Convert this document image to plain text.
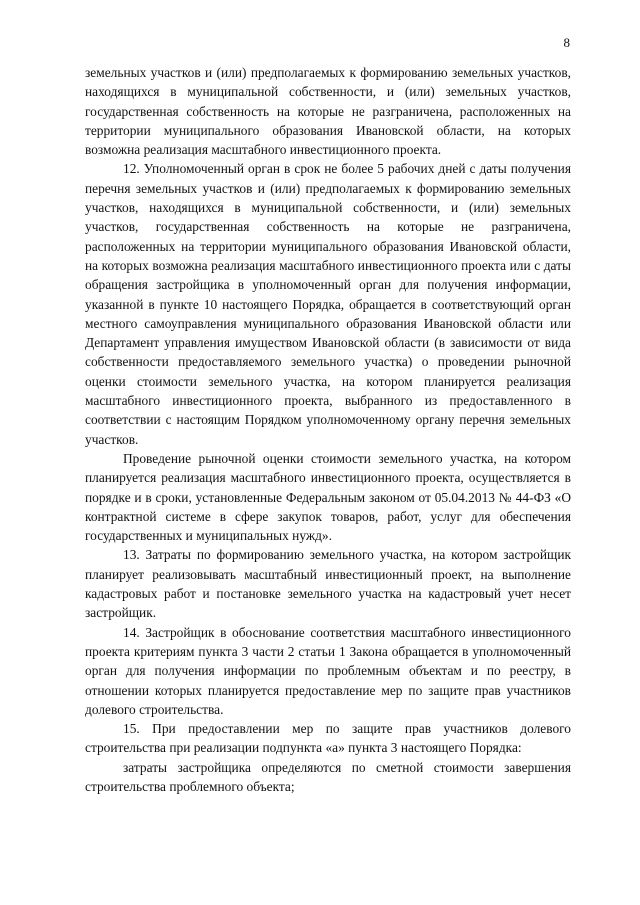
8

земельных участков и (или) предполагаемых к формированию земельных участков, находящихся в муниципальной собственности, и (или) земельных участков, государственная собственность на которые не разграничена, расположенных на территории муниципального образования Ивановской области, на которых возможна реализация масштабного инвестиционного проекта.

12. Уполномоченный орган в срок не более 5 рабочих дней с даты получения перечня земельных участков и (или) предполагаемых к формированию земельных участков, находящихся в муниципальной собственности, и (или) земельных участков, государственная собственность на которые не разграничена, расположенных на территории муниципального образования Ивановской области, на которых возможна реализация масштабного инвестиционного проекта или с даты обращения застройщика в уполномоченный орган для получения информации, указанной в пункте 10 настоящего Порядка, обращается в соответствующий орган местного самоуправления муниципального образования Ивановской области или Департамент управления имуществом Ивановской области (в зависимости от вида собственности предоставляемого земельного участка) о проведении рыночной оценки стоимости земельного участка, на котором планируется реализация масштабного инвестиционного проекта, выбранного из предоставленного в соответствии с настоящим Порядком уполномоченному органу перечня земельных участков.

Проведение рыночной оценки стоимости земельного участка, на котором планируется реализация масштабного инвестиционного проекта, осуществляется в порядке и в сроки, установленные Федеральным законом от 05.04.2013 № 44-ФЗ «О контрактной системе в сфере закупок товаров, работ, услуг для обеспечения государственных и муниципальных нужд».

13. Затраты по формированию земельного участка, на котором застройщик планирует реализовывать масштабный инвестиционный проект, на выполнение кадастровых работ и постановке земельного участка на кадастровый учет несет застройщик.

14. Застройщик в обоснование соответствия масштабного инвестиционного проекта критериям пункта 3 части 2 статьи 1 Закона обращается в уполномоченный орган для получения информации по проблемным объектам и по реестру, в отношении которых планируется предоставление мер по защите прав участников долевого строительства.

15. При предоставлении мер по защите прав участников долевого строительства при реализации подпункта «а» пункта 3 настоящего Порядка:

затраты застройщика определяются по сметной стоимости завершения строительства проблемного объекта;
